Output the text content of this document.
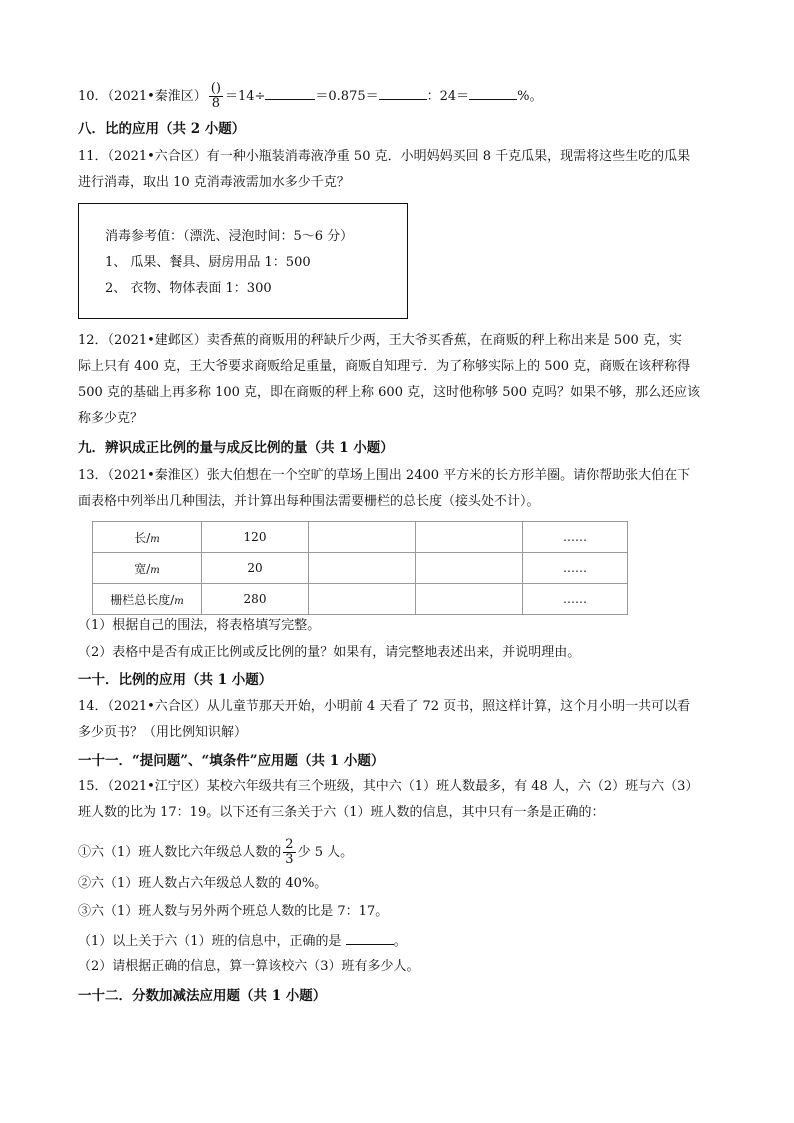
10．（2021•秦淮区） $\frac{()}{8} =14\div$	＝0.875＝	：24＝	%。
八．比的应用（共 2 小题）
11．（2021•六合区）有一种小瓶装消毒液净重 50 克．小明妈妈买回 8 千克瓜果，现需将这些生吃的瓜果
进行消毒，取出 10 克消毒液需加水多少千克？
消毒参考值：（漂洗、浸泡时间：5～6 分）
1、 瓜果、餐具、厨房用品 1：500
2、 衣物、物体表面 1：300
12．（2021•建邺区）卖香蕉的商贩用的秤缺斤少两，王大爷买香蕉，在商贩的秤上称出来是 500 克，实
际上只有 400 克，王大爷要求商贩给足重量，商贩自知理亏．为了称够实际上的 500 克，商贩在该秤称得
500 克的基础上再多称 100 克，即在商贩的秤上称 600 克，这时他称够 500 克吗？如果不够，那么还应该
称多少克？
九．辨识成正比例的量与成反比例的量（共 1 小题）
13．（2021•秦淮区）张大伯想在一个空旷的草场上围出 2400 平方米的长方形羊圈。请你帮助张大伯在下
面表格中列举出几种围法，并计算出每种围法需要栅栏的总长度（接头处不计）。
长/m	120			……
宽/m	20			……
栅栏总长度/m	280			……
（1）根据自己的围法，将表格填写完整。
（2）表格中是否有成正比例或反比例的量？如果有，请完整地表述出来，并说明理由。
一十．比例的应用（共 1 小题）
14．（2021•六合区）从儿童节那天开始，小明前 4 天看了 72 页书，照这样计算，这个月小明一共可以看
多少页书？（用比例知识解）
一十一．“提问题”、“填条件”应用题（共 1 小题）
15．（2021•江宁区）某校六年级共有三个班级，其中六（1）班人数最多，有 48 人，六（2）班与六（3）
班人数的比为 17：19。以下还有三条关于六（1）班人数的信息，其中只有一条是正确的：
①六（1）班人数比六年级总人数的 $\frac{2}{3}$ 少 5 人。
②六（1）班人数占六年级总人数的 40%。
③六（1）班人数与另外两个班总人数的比是 7：17。
（1）以上关于六（1）班的信息中，正确的是	。
（2）请根据正确的信息，算一算该校六（3）班有多少人。
一十二．分数加减法应用题（共 1 小题）
